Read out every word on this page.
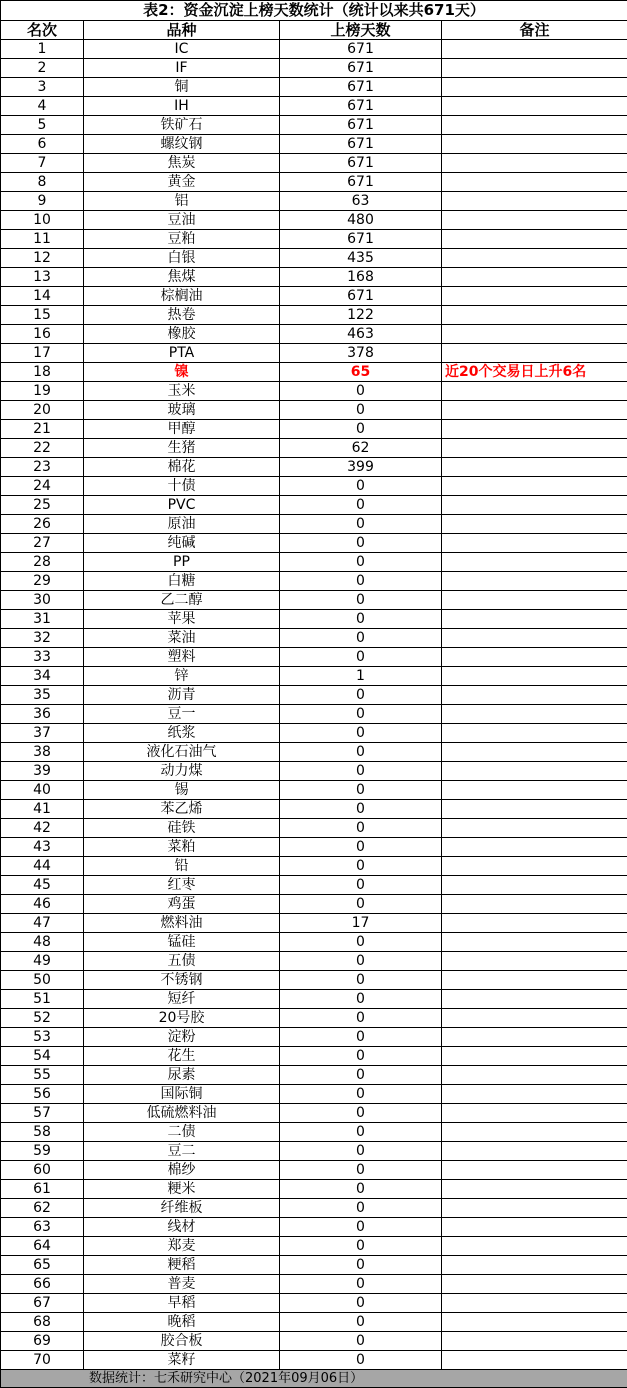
表2：资金沉淀上榜天数统计（统计以来共671天）			
名次	品种	上榜天数	备注
1	IC	671	
2	IF	671	
3	铜	671	
4	IH	671	
5	铁矿石	671	
6	螺纹钢	671	
7	焦炭	671	
8	黄金	671	
9	铝	63	
10	豆油	480	
11	豆粕	671	
12	白银	435	
13	焦煤	168	
14	棕榈油	671	
15	热卷	122	
16	橡胶	463	
17	PTA	378	
18	镍	65	近20个交易日上升6名
19	玉米	0	
20	玻璃	0	
21	甲醇	0	
22	生猪	62	
23	棉花	399	
24	十债	0	
25	PVC	0	
26	原油	0	
27	纯碱	0	
28	PP	0	
29	白糖	0	
30	乙二醇	0	
31	苹果	0	
32	菜油	0	
33	塑料	0	
34	锌	1	
35	沥青	0	
36	豆一	0	
37	纸浆	0	
38	液化石油气	0	
39	动力煤	0	
40	锡	0	
41	苯乙烯	0	
42	硅铁	0	
43	菜粕	0	
44	铅	0	
45	红枣	0	
46	鸡蛋	0	
47	燃料油	17	
48	锰硅	0	
49	五债	0	
50	不锈钢	0	
51	短纤	0	
52	20号胶	0	
53	淀粉	0	
54	花生	0	
55	尿素	0	
56	国际铜	0	
57	低硫燃料油	0	
58	二债	0	
59	豆二	0	
60	棉纱	0	
61	粳米	0	
62	纤维板	0	
63	线材	0	
64	郑麦	0	
65	粳稻	0	
66	普麦	0	
67	早稻	0	
68	晚稻	0	
69	胶合板	0	
70	菜籽	0	
数据统计：七禾研究中心（2021年09月06日）			
